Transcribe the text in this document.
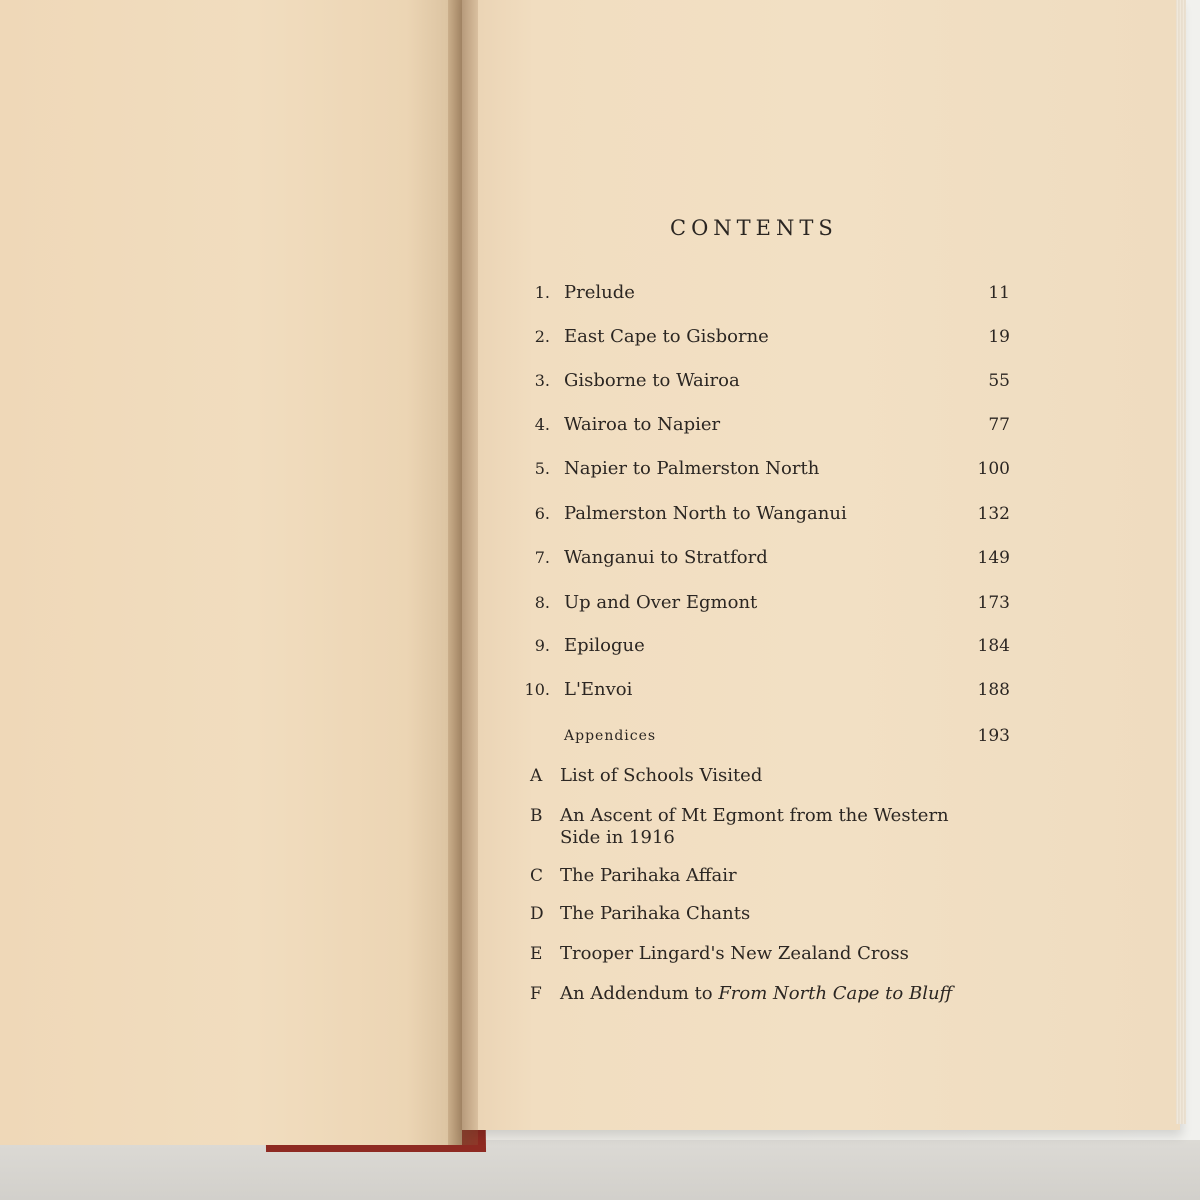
CONTENTS
1. Prelude	11
2. East Cape to Gisborne	19
3. Gisborne to Wairoa	55
4. Wairoa to Napier	77
5. Napier to Palmerston North	100
6. Palmerston North to Wanganui	132
7. Wanganui to Stratford	149
8. Up and Over Egmont	173
9. Epilogue	184
10. L'Envoi	188
Appendices	193
A List of Schools Visited
B An Ascent of Mt Egmont from the Western Side in 1916
C The Parihaka Affair
D The Parihaka Chants
E Trooper Lingard's New Zealand Cross
F	An Addendum to From North Cape to Bluff
